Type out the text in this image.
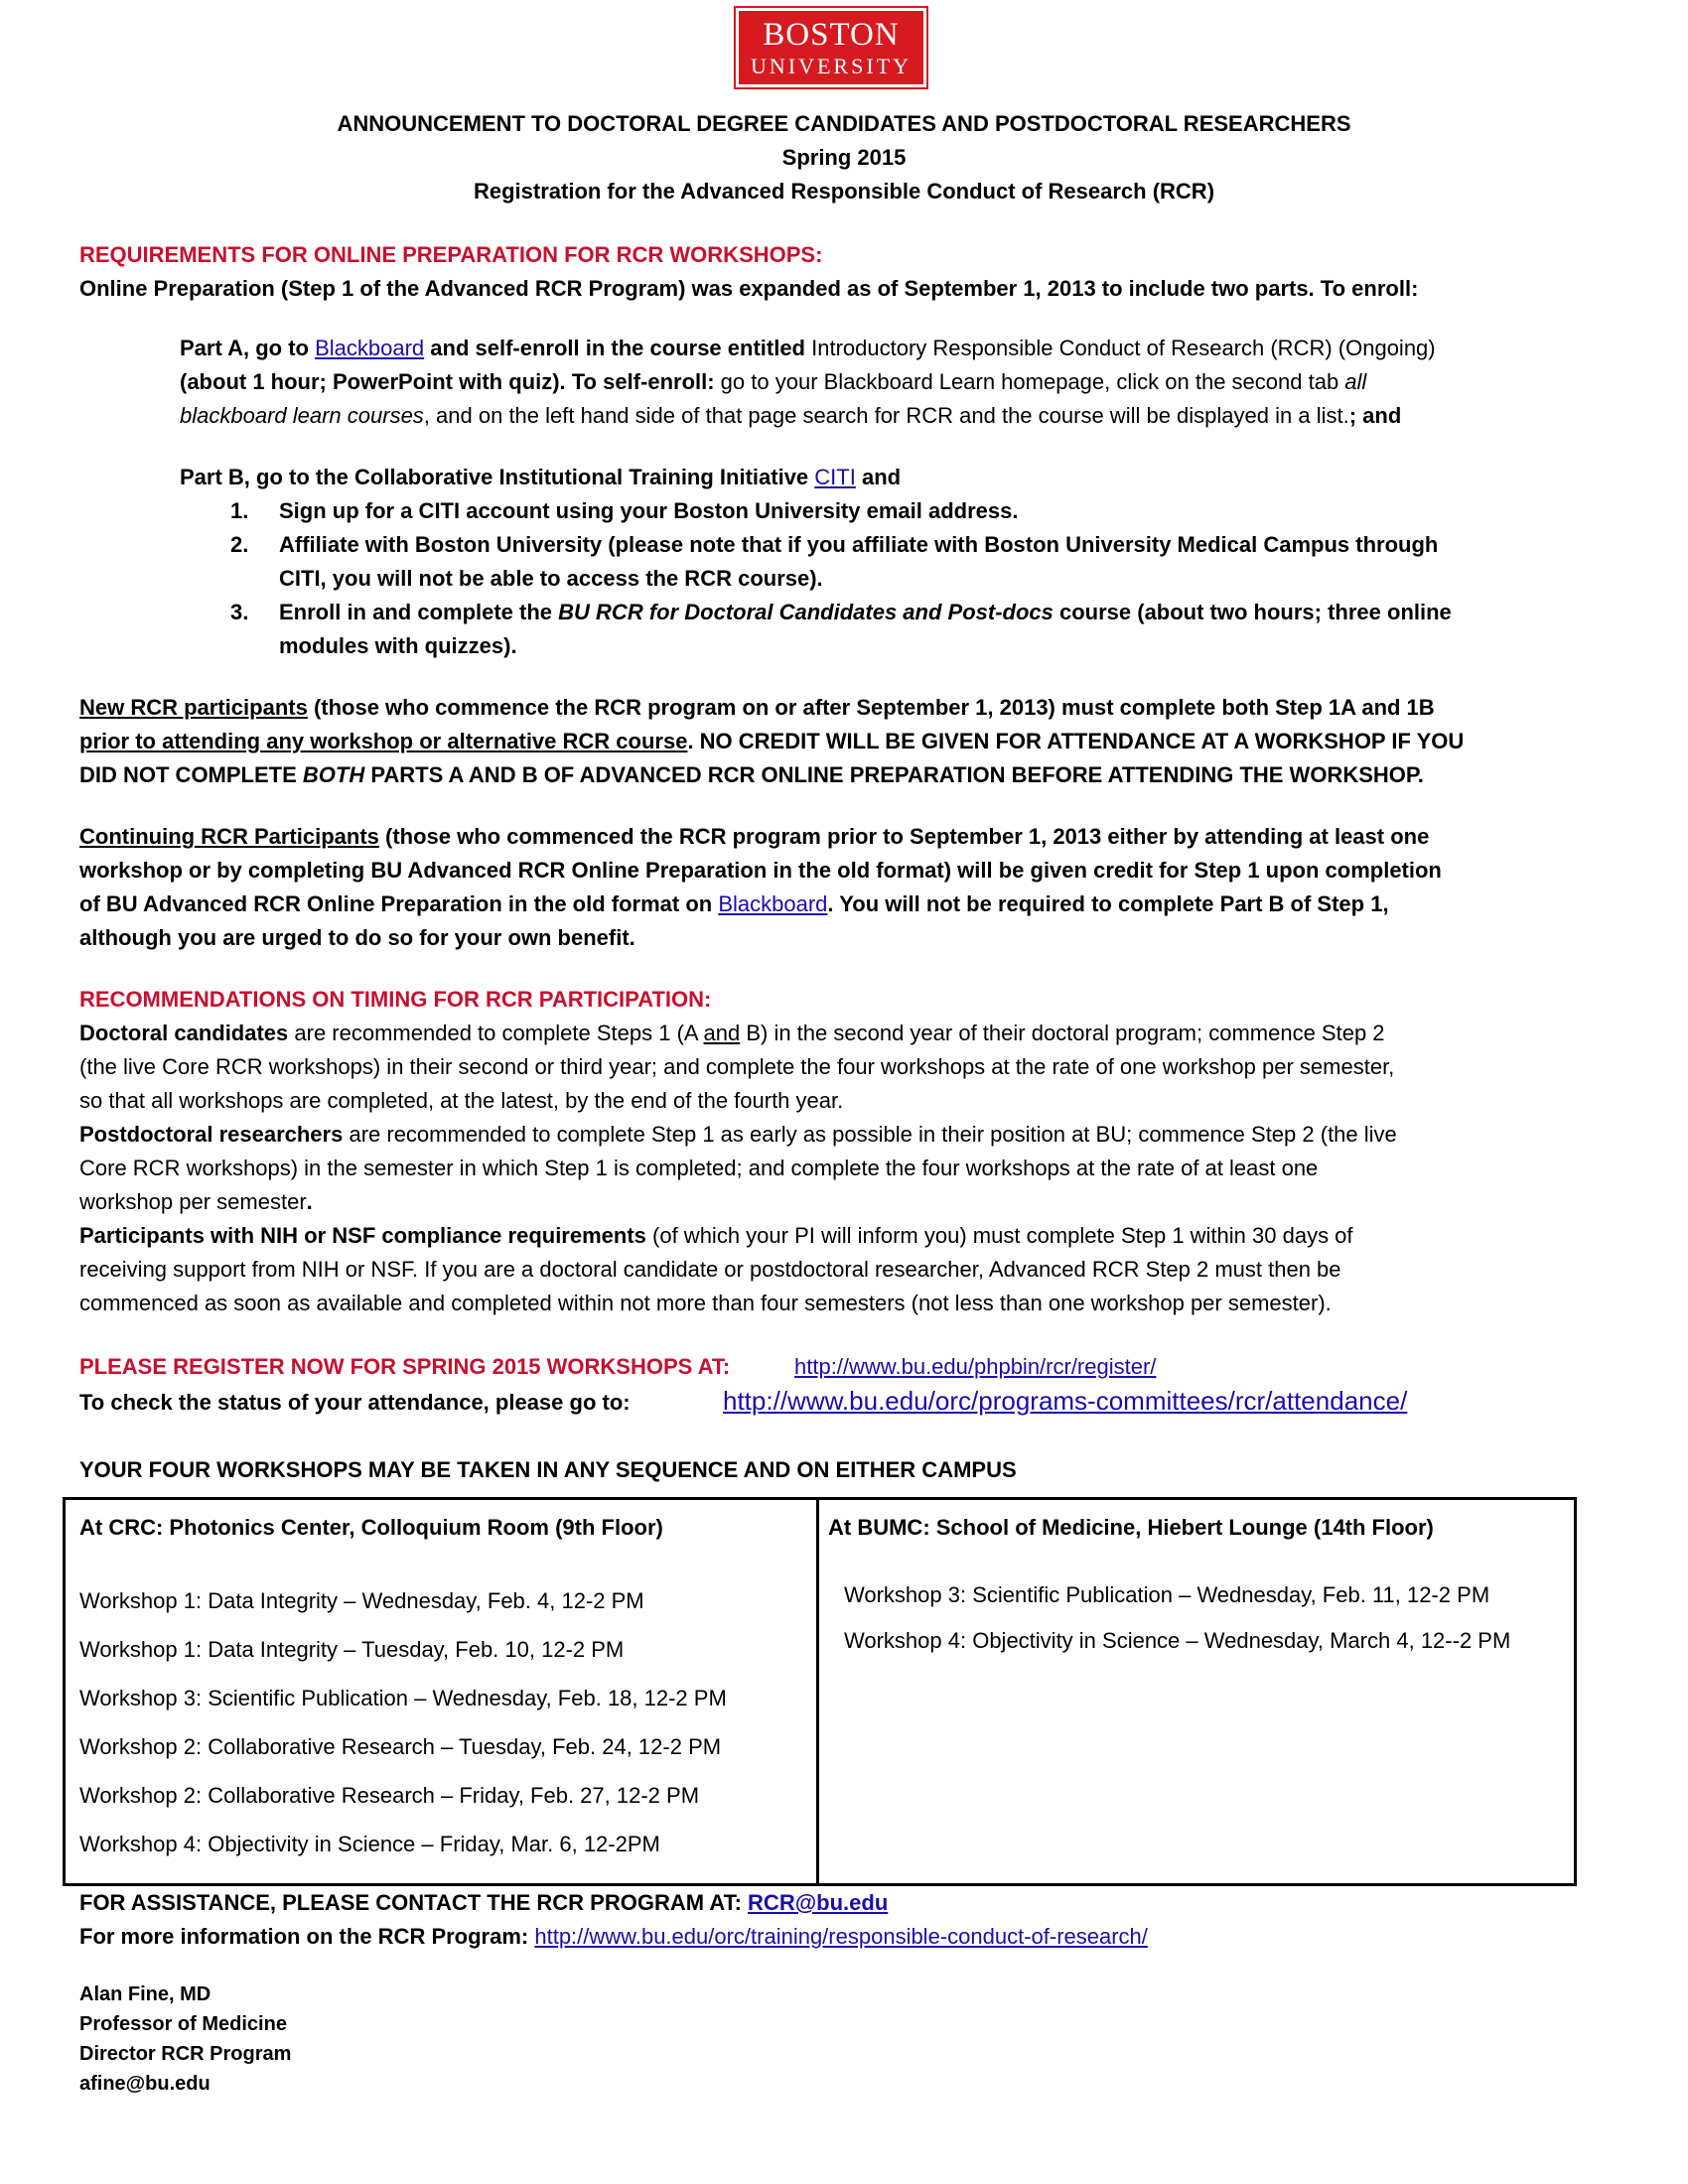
BOSTON
UNIVERSITY
ANNOUNCEMENT TO DOCTORAL DEGREE CANDIDATES AND POSTDOCTORAL RESEARCHERS
Spring 2015
Registration for the Advanced Responsible Conduct of Research (RCR)
REQUIREMENTS FOR ONLINE PREPARATION FOR RCR WORKSHOPS:
Online Preparation (Step 1 of the Advanced RCR Program) was expanded as of September 1, 2013 to include two parts. To enroll:
Part A, go to Blackboard and self-enroll in the course entitled Introductory Responsible Conduct of Research (RCR) (Ongoing)
(about 1 hour; PowerPoint with quiz). To self-enroll: go to your Blackboard Learn homepage, click on the second tab all
blackboard learn courses, and on the left hand side of that page search for RCR and the course will be displayed in a list.; and
Part B, go to the Collaborative Institutional Training Initiative CITI and
1. Sign up for a CITI account using your Boston University email address.
2. Affiliate with Boston University (please note that if you affiliate with Boston University Medical Campus through
CITI, you will not be able to access the RCR course).
3. Enroll in and complete the BU RCR for Doctoral Candidates and Post-docs course (about two hours; three online
modules with quizzes).
New RCR participants (those who commence the RCR program on or after September 1, 2013) must complete both Step 1A and 1B
prior to attending any workshop or alternative RCR course. NO CREDIT WILL BE GIVEN FOR ATTENDANCE AT A WORKSHOP IF YOU
DID NOT COMPLETE BOTH PARTS A AND B OF ADVANCED RCR ONLINE PREPARATION BEFORE ATTENDING THE WORKSHOP.
Continuing RCR Participants (those who commenced the RCR program prior to September 1, 2013 either by attending at least one
workshop or by completing BU Advanced RCR Online Preparation in the old format) will be given credit for Step 1 upon completion
of BU Advanced RCR Online Preparation in the old format on Blackboard. You will not be required to complete Part B of Step 1,
although you are urged to do so for your own benefit.
RECOMMENDATIONS ON TIMING FOR RCR PARTICIPATION:
Doctoral candidates are recommended to complete Steps 1 (A and B) in the second year of their doctoral program; commence Step 2
(the live Core RCR workshops) in their second or third year; and complete the four workshops at the rate of one workshop per semester,
so that all workshops are completed, at the latest, by the end of the fourth year.
Postdoctoral researchers are recommended to complete Step 1 as early as possible in their position at BU; commence Step 2 (the live
Core RCR workshops) in the semester in which Step 1 is completed; and complete the four workshops at the rate of at least one
workshop per semester.
Participants with NIH or NSF compliance requirements (of which your PI will inform you) must complete Step 1 within 30 days of
receiving support from NIH or NSF. If you are a doctoral candidate or postdoctoral researcher, Advanced RCR Step 2 must then be
commenced as soon as available and completed within not more than four semesters (not less than one workshop per semester).
PLEASE REGISTER NOW FOR SPRING 2015 WORKSHOPS AT:	http://www.bu.edu/phpbin/rcr/register/
To check the status of your attendance, please go to:	http://www.bu.edu/orc/programs-committees/rcr/attendance/
YOUR FOUR WORKSHOPS MAY BE TAKEN IN ANY SEQUENCE AND ON EITHER CAMPUS
At CRC: Photonics Center, Colloquium Room (9th Floor)
Workshop 1: Data Integrity – Wednesday, Feb. 4, 12-2 PM
Workshop 1: Data Integrity – Tuesday, Feb. 10, 12-2 PM
Workshop 3: Scientific Publication – Wednesday, Feb. 18, 12-2 PM
Workshop 2: Collaborative Research – Tuesday, Feb. 24, 12-2 PM
Workshop 2: Collaborative Research – Friday, Feb. 27, 12-2 PM
Workshop 4: Objectivity in Science – Friday, Mar. 6, 12-2PM
At BUMC: School of Medicine, Hiebert Lounge (14th Floor)
Workshop 3: Scientific Publication – Wednesday, Feb. 11, 12-2 PM
Workshop 4: Objectivity in Science – Wednesday, March 4, 12--2 PM
FOR ASSISTANCE, PLEASE CONTACT THE RCR PROGRAM AT: RCR@bu.edu
For more information on the RCR Program: http://www.bu.edu/orc/training/responsible-conduct-of-research/
Alan Fine, MD
Professor of Medicine
Director RCR Program
afine@bu.edu
